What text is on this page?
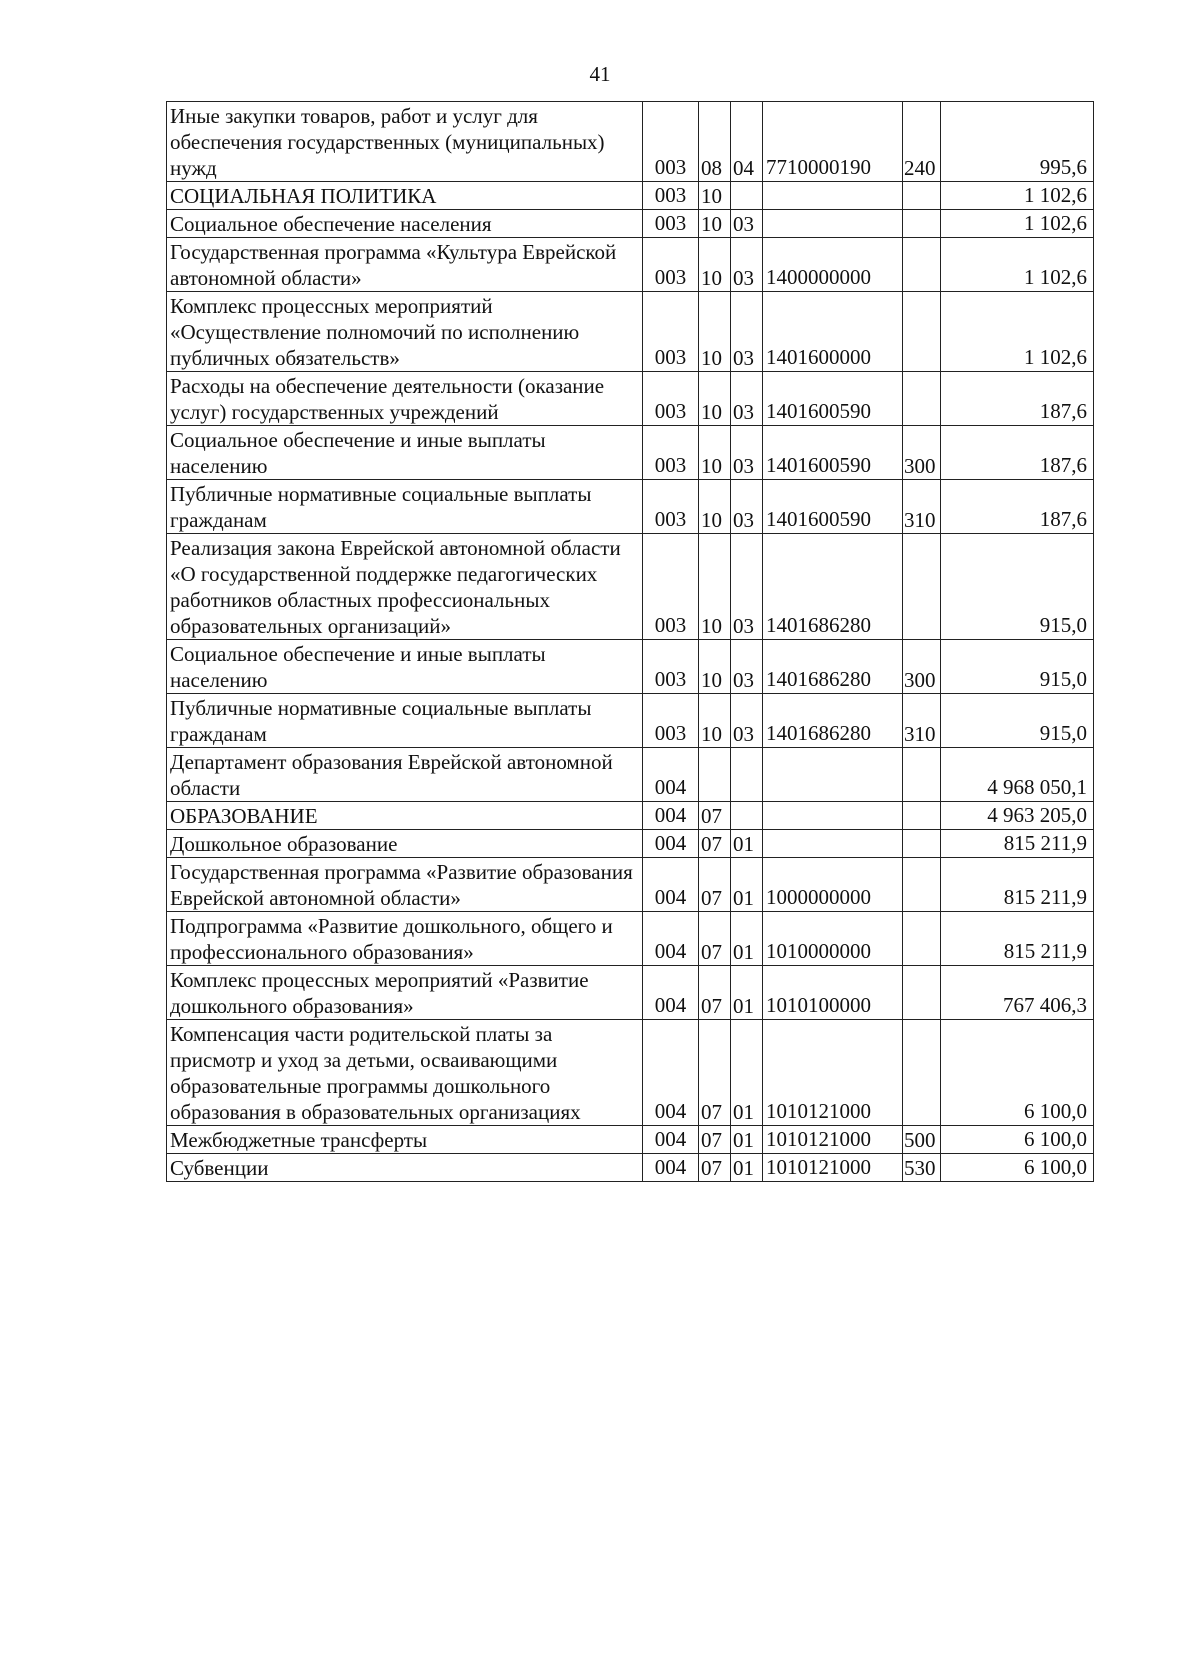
41
Иные закупки товаров, работ и услуг для обеспечения государственных (муниципальных) нужд	003	08	04	7710000190	240	995,6
СОЦИАЛЬНАЯ ПОЛИТИКА	003	10				1 102,6
Социальное обеспечение населения	003	10	03			1 102,6
Государственная программа «Культура Еврейской автономной области»	003	10	03	1400000000		1 102,6
Комплекс процессных мероприятий «Осуществление полномочий по исполнению публичных обязательств»	003	10	03	1401600000		1 102,6
Расходы на обеспечение деятельности (оказание услуг) государственных учреждений	003	10	03	1401600590		187,6
Социальное обеспечение и иные выплаты населению	003	10	03	1401600590	300	187,6
Публичные нормативные социальные выплаты гражданам	003	10	03	1401600590	310	187,6
Реализация закона Еврейской автономной области «О государственной поддержке педагогических работников областных профессиональных образовательных организаций»	003	10	03	1401686280		915,0
Социальное обеспечение и иные выплаты населению	003	10	03	1401686280	300	915,0
Публичные нормативные социальные выплаты гражданам	003	10	03	1401686280	310	915,0
Департамент образования Еврейской автономной области	004					4 968 050,1
ОБРАЗОВАНИЕ	004	07				4 963 205,0
Дошкольное образование	004	07	01			815 211,9
Государственная программа «Развитие образования Еврейской автономной области»	004	07	01	1000000000		815 211,9
Подпрограмма «Развитие дошкольного, общего и профессионального образования»	004	07	01	1010000000		815 211,9
Комплекс процессных мероприятий «Развитие дошкольного образования»	004	07	01	1010100000		767 406,3
Компенсация части родительской платы за присмотр и уход за детьми, осваивающими образовательные программы дошкольного образования в образовательных организациях	004	07	01	1010121000		6 100,0
Межбюджетные трансферты	004	07	01	1010121000	500	6 100,0
Субвенции	004	07	01	1010121000	530	6 100,0
